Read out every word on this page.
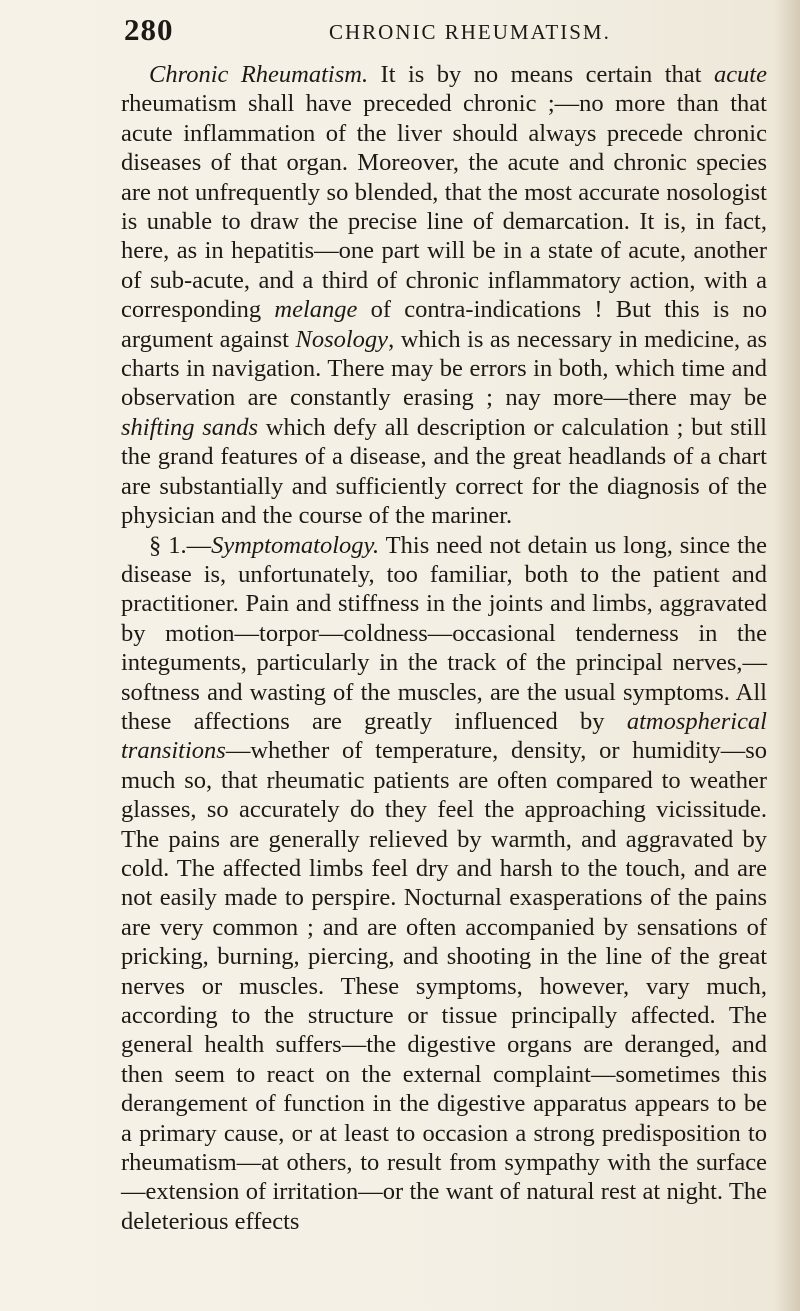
280	CHRONIC RHEUMATISM.

Chronic Rheumatism. It is by no means certain that acute rheumatism shall have preceded chronic ;—no more than that acute inflammation of the liver should always precede chronic diseases of that organ. Moreover, the acute and chronic species are not unfrequently so blended, that the most accurate nosologist is unable to draw the precise line of demarcation. It is, in fact, here, as in hepatitis—one part will be in a state of acute, another of sub-acute, and a third of chronic inflammatory action, with a corresponding melange of contra-indications ! But this is no argument against Nosology, which is as necessary in medicine, as charts in navigation. There may be errors in both, which time and observation are constantly erasing ; nay more—there may be shifting sands which defy all description or calculation ; but still the grand features of a disease, and the great headlands of a chart are substantially and sufficiently correct for the diagnosis of the physician and the course of the mariner.

§ 1.—Symptomatology. This need not detain us long, since the disease is, unfortunately, too familiar, both to the patient and practitioner. Pain and stiffness in the joints and limbs, aggravated by motion—torpor—coldness—occasional tenderness in the integuments, particularly in the track of the principal nerves,—softness and wasting of the muscles, are the usual symptoms. All these affections are greatly influenced by atmospherical transitions—whether of temperature, density, or humidity—so much so, that rheumatic patients are often compared to weather glasses, so accurately do they feel the approaching vicissitude. The pains are generally relieved by warmth, and aggravated by cold. The affected limbs feel dry and harsh to the touch, and are not easily made to perspire. Nocturnal exasperations of the pains are very common ; and are often accompanied by sensations of pricking, burning, piercing, and shooting in the line of the great nerves or muscles. These symptoms, however, vary much, according to the structure or tissue principally affected. The general health suffers—the digestive organs are deranged, and then seem to react on the external complaint—sometimes this derangement of function in the digestive apparatus appears to be a primary cause, or at least to occasion a strong predisposition to rheumatism—at others, to result from sympathy with the surface—extension of irritation—or the want of natural rest at night. The deleterious effects
